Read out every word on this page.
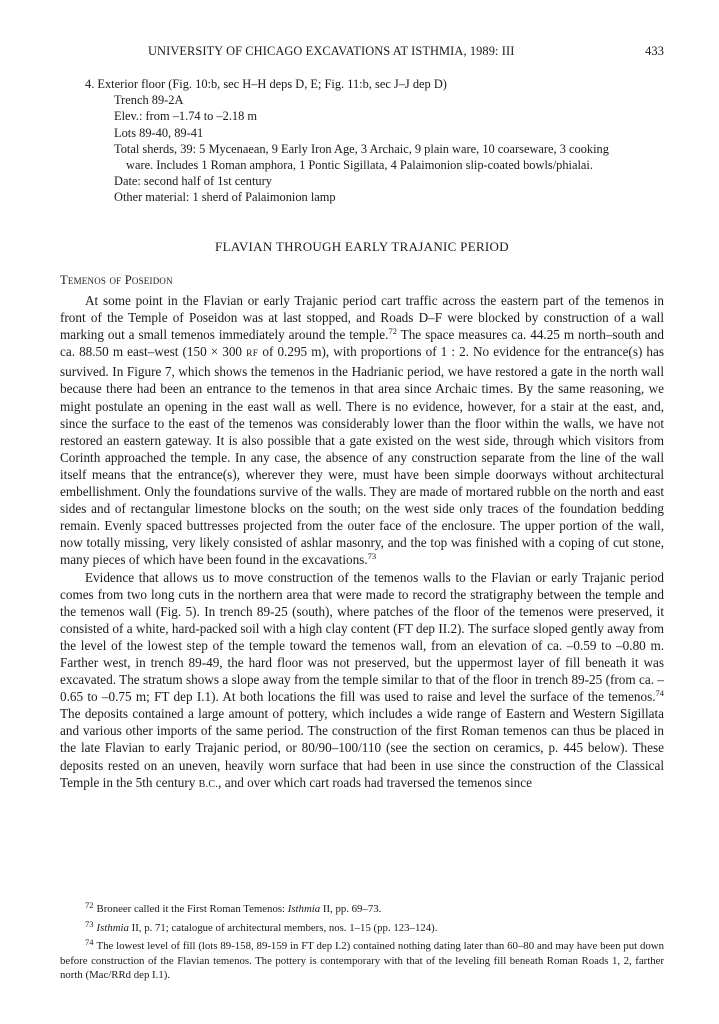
UNIVERSITY OF CHICAGO EXCAVATIONS AT ISTHMIA, 1989: III	433
4. Exterior floor (Fig. 10:b, sec H–H deps D, E; Fig. 11:b, sec J–J dep D)
Trench 89-2A
Elev.: from –1.74 to –2.18 m
Lots 89-40, 89-41
Total sherds, 39: 5 Mycenaean, 9 Early Iron Age, 3 Archaic, 9 plain ware, 10 coarseware, 3 cooking
ware. Includes 1 Roman amphora, 1 Pontic Sigillata, 4 Palaimonion slip-coated bowls/phialai.
Date: second half of 1st century
Other material: 1 sherd of Palaimonion lamp
FLAVIAN THROUGH EARLY TRAJANIC PERIOD
Temenos of Poseidon

At some point in the Flavian or early Trajanic period cart traffic across the eastern part of the temenos in front of the Temple of Poseidon was at last stopped, and Roads D–F were blocked by construction of a wall marking out a small temenos immediately around the temple.$^{72}$ The space measures ca. 44.25 m north–south and ca. 88.50 m east–west (150 × 300 RF of 0.295 m), with proportions of 1 : 2. No evidence for the entrance(s) has survived. In Figure 7, which shows the temenos in the Hadrianic period, we have restored a gate in the north wall because there had been an entrance to the temenos in that area since Archaic times. By the same reasoning, we might postulate an opening in the east wall as well. There is no evidence, however, for a stair at the east, and, since the surface to the east of the temenos was considerably lower than the floor within the walls, we have not restored an eastern gateway. It is also possible that a gate existed on the west side, through which visitors from Corinth approached the temple. In any case, the absence of any construction separate from the line of the wall itself means that the entrance(s), wherever they were, must have been simple doorways without architectural embellishment. Only the foundations survive of the walls. They are made of mortared rubble on the north and east sides and of rectangular limestone blocks on the south; on the west side only traces of the foundation bedding remain. Evenly spaced buttresses projected from the outer face of the enclosure. The upper portion of the wall, now totally missing, very likely consisted of ashlar masonry, and the top was finished with a coping of cut stone, many pieces of which have been found in the excavations.$^{73}$

Evidence that allows us to move construction of the temenos walls to the Flavian or early Trajanic period comes from two long cuts in the northern area that were made to record the stratigraphy between the temple and the temenos wall (Fig. 5). In trench 89-25 (south), where patches of the floor of the temenos were preserved, it consisted of a white, hard-packed soil with a high clay content (FT dep II.2). The surface sloped gently away from the level of the lowest step of the temple toward the temenos wall, from an elevation of ca. –0.59 to –0.80 m. Farther west, in trench 89-49, the hard floor was not preserved, but the uppermost layer of fill beneath it was excavated. The stratum shows a slope away from the temple similar to that of the floor in trench 89-25 (from ca. –0.65 to –0.75 m; FT dep I.1). At both locations the fill was used to raise and level the surface of the temenos.$^{74}$ The deposits contained a large amount of pottery, which includes a wide range of Eastern and Western Sigillata and various other imports of the same period. The construction of the first Roman temenos can thus be placed in the late Flavian to early Trajanic period, or 80/90–100/110 (see the section on ceramics, p. 445 below). These deposits rested on an uneven, heavily worn surface that had been in use since the construction of the Classical Temple in the 5th century B.C., and over which cart roads had traversed the temenos since

$^{72}$ Broneer called it the First Roman Temenos: Isthmia II, pp. 69–73.

$^{73}$ Isthmia II, p. 71; catalogue of architectural members, nos. 1–15 (pp. 123–124).

$^{74}$ The lowest level of fill (lots 89-158, 89-159 in FT dep I.2) contained nothing dating later than 60–80 and may have been put down before construction of the Flavian temenos. The pottery is contemporary with that of the leveling fill beneath Roman Roads 1, 2, farther north (Mac/RRd dep I.1).
